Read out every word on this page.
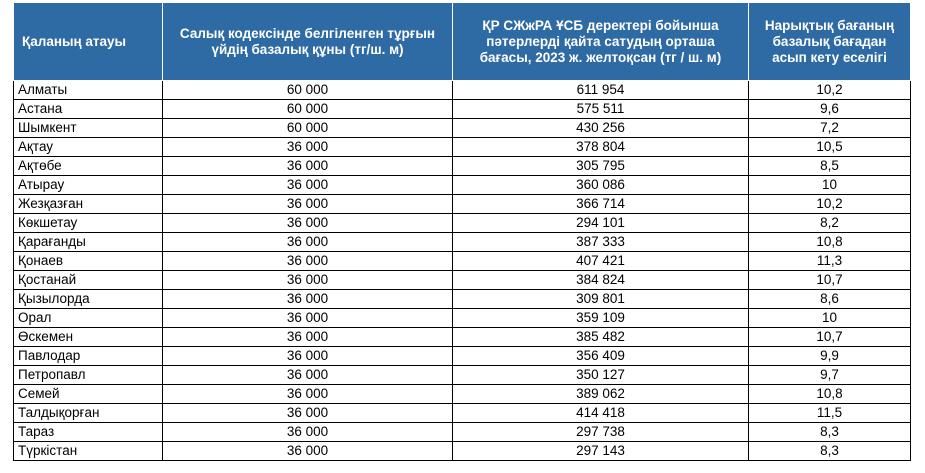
Қаланың атауы	Салық кодексінде белгіленген тұрғын үйдің базалық құны (тг/ш. м)	ҚР СЖжРА ҰСБ деректері бойынша пәтерлерді қайта сатудың орташа бағасы, 2023 ж. желтоқсан (тг / ш. м)	Нарықтық бағаның базалық бағадан асып кету еселігі
Алматы	60 000	611 954	10,2
Астана	60 000	575 511	9,6
Шымкент	60 000	430 256	7,2
Ақтау	36 000	378 804	10,5
Ақтөбе	36 000	305 795	8,5
Атырау	36 000	360 086	10
Жезқазған	36 000	366 714	10,2
Көкшетау	36 000	294 101	8,2
Қарағанды	36 000	387 333	10,8
Қонаев	36 000	407 421	11,3
Қостанай	36 000	384 824	10,7
Қызылорда	36 000	309 801	8,6
Орал	36 000	359 109	10
Өскемен	36 000	385 482	10,7
Павлодар	36 000	356 409	9,9
Петропавл	36 000	350 127	9,7
Семей	36 000	389 062	10,8
Талдықорған	36 000	414 418	11,5
Тараз	36 000	297 738	8,3
Түркістан	36 000	297 143	8,3
